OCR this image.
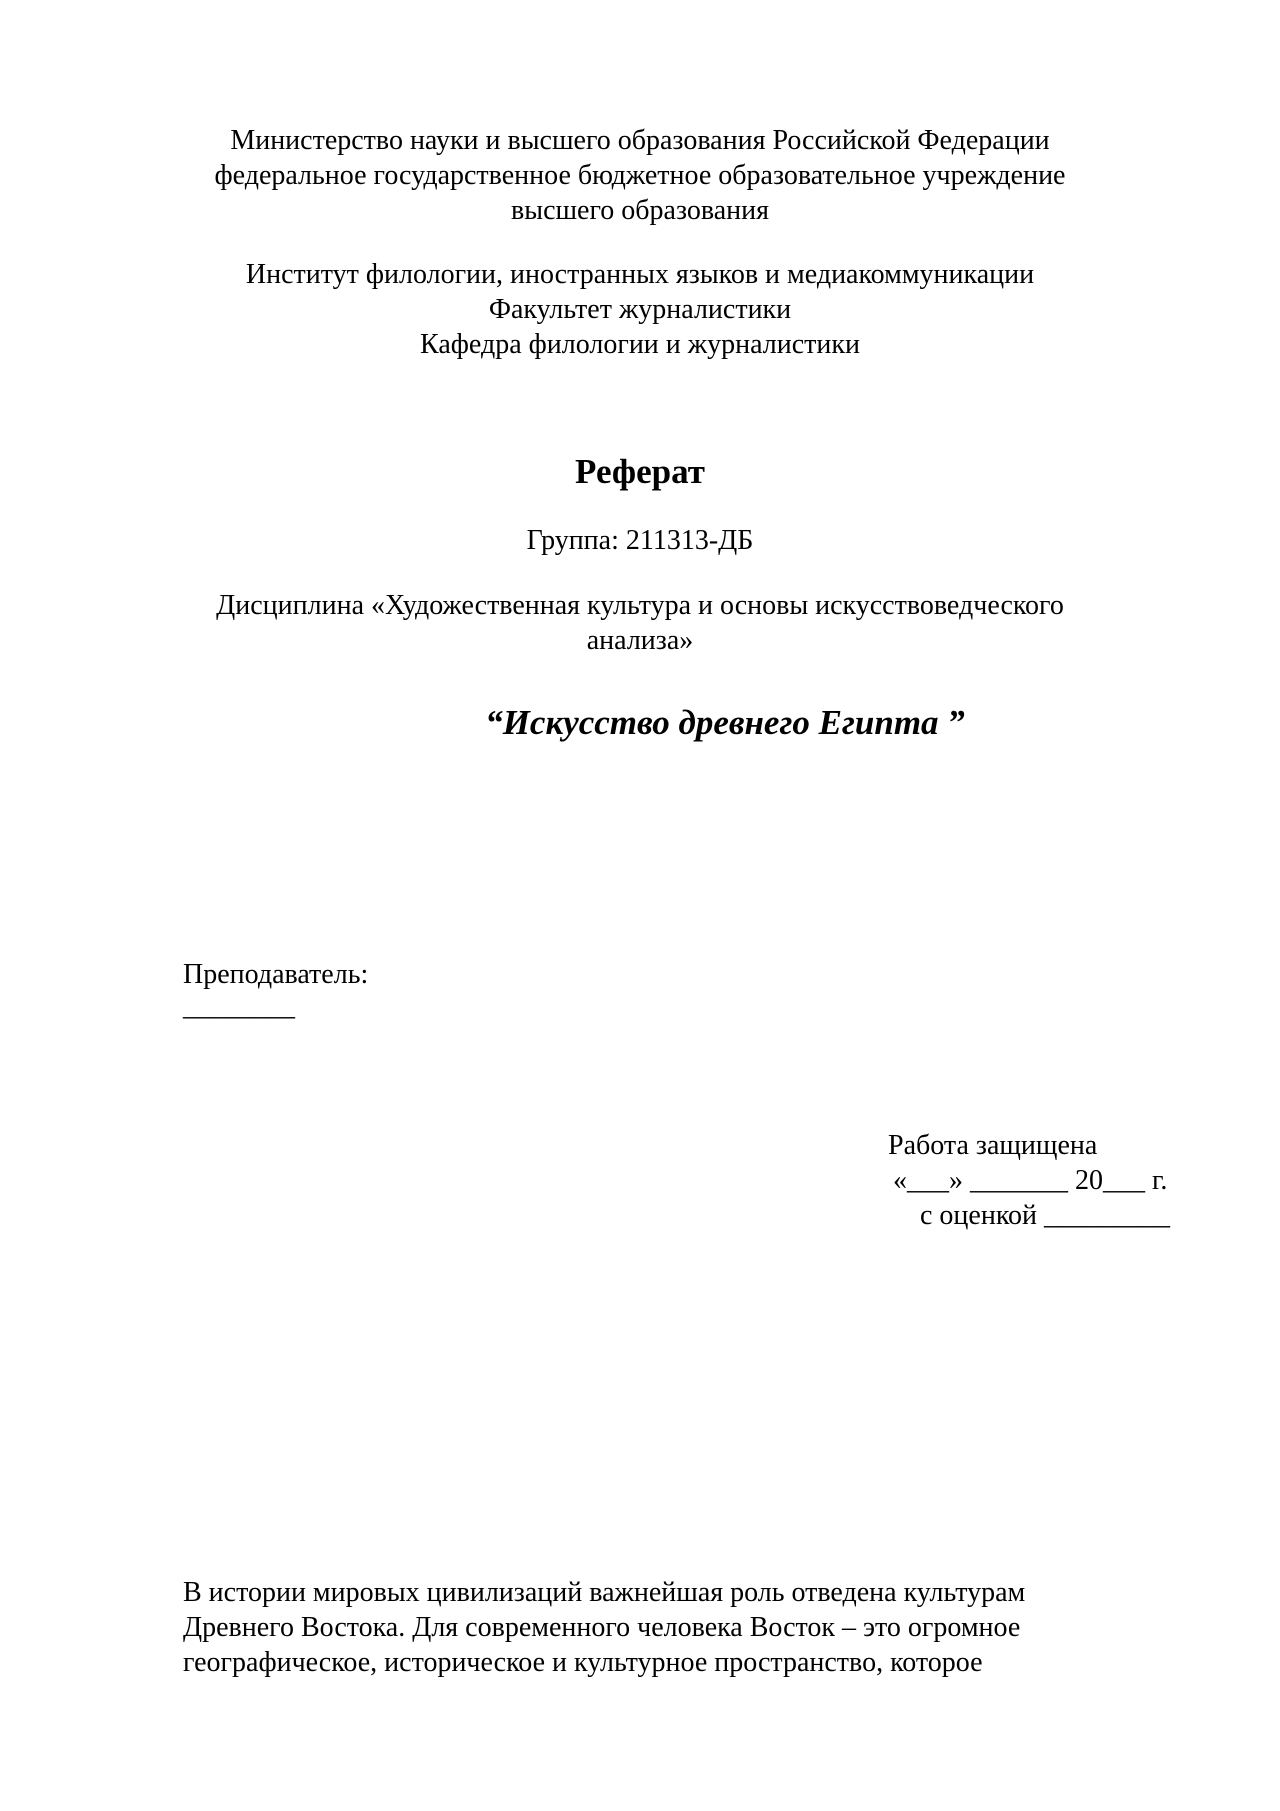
Министерство науки и высшего образования Российской Федерации
федеральное государственное бюджетное образовательное учреждение
высшего образования
Институт филологии, иностранных языков и медиакоммуникации
Факультет журналистики
Кафедра филологии и журналистики
Реферат
Группа: 211313-ДБ
Дисциплина «Художественная культура и основы искусствоведческого
анализа»
“Искусство древнего Египта ”
Преподаватель:
________
Работа защищена
«___» _______ 20___ г.
с оценкой _________
В истории мировых цивилизаций важнейшая роль отведена культурам
Древнего Востока. Для современного человека Восток – это огромное
географическое, историческое и культурное пространство, которое
